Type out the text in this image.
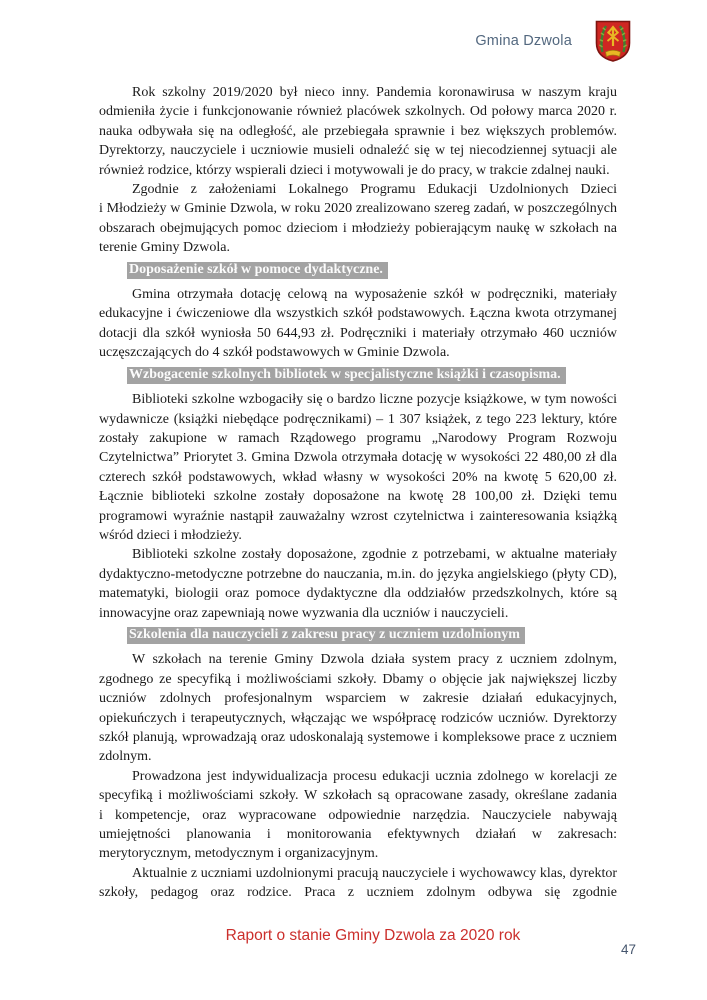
Gmina Dzwola

Rok szkolny 2019/2020 był nieco inny. Pandemia koronawirusa w naszym kraju odmieniła życie i funkcjonowanie również placówek szkolnych. Od połowy marca 2020 r. nauka odbywała się na odległość, ale przebiegała sprawnie i bez większych problemów. Dyrektorzy, nauczyciele i uczniowie musieli odnaleźć się w tej niecodziennej sytuacji ale również rodzice, którzy wspierali dzieci i motywowali je do pracy, w trakcie zdalnej nauki.

Zgodnie z założeniami Lokalnego Programu Edukacji Uzdolnionych Dzieci i Młodzieży w Gminie Dzwola, w roku 2020 zrealizowano szereg zadań, w poszczególnych obszarach obejmujących pomoc dzieciom i młodzieży pobierającym naukę w szkołach na terenie Gminy Dzwola.

Doposażenie szkół w pomoce dydaktyczne.

Gmina otrzymała dotację celową na wyposażenie szkół w podręczniki, materiały edukacyjne i ćwiczeniowe dla wszystkich szkół podstawowych. Łączna kwota otrzymanej dotacji dla szkół wyniosła 50 644,93 zł. Podręczniki i materiały otrzymało 460 uczniów uczęszczających do 4 szkół podstawowych w Gminie Dzwola.

Wzbogacenie szkolnych bibliotek w specjalistyczne książki i czasopisma.

Biblioteki szkolne wzbogaciły się o bardzo liczne pozycje książkowe, w tym nowości wydawnicze (książki niebędące podręcznikami) – 1 307 książek, z tego 223 lektury, które zostały zakupione w ramach Rządowego programu „Narodowy Program Rozwoju Czytelnictwa” Priorytet 3. Gmina Dzwola otrzymała dotację w wysokości 22 480,00 zł dla czterech szkół podstawowych, wkład własny w wysokości 20% na kwotę 5 620,00 zł. Łącznie biblioteki szkolne zostały doposażone na kwotę 28 100,00 zł. Dzięki temu programowi wyraźnie nastąpił zauważalny wzrost czytelnictwa i zainteresowania książką wśród dzieci i młodzieży.

Biblioteki szkolne zostały doposażone, zgodnie z potrzebami, w aktualne materiały dydaktyczno-metodyczne potrzebne do nauczania, m.in. do języka angielskiego (płyty CD), matematyki, biologii oraz pomoce dydaktyczne dla oddziałów przedszkolnych, które są innowacyjne oraz zapewniają nowe wyzwania dla uczniów i nauczycieli.

Szkolenia dla nauczycieli z zakresu pracy z uczniem uzdolnionym

W szkołach na terenie Gminy Dzwola działa system pracy z uczniem zdolnym, zgodnego ze specyfiką i możliwościami szkoły. Dbamy o objęcie jak największej liczby uczniów zdolnych profesjonalnym wsparciem w zakresie działań edukacyjnych, opiekuńczych i terapeutycznych, włączając we współpracę rodziców uczniów. Dyrektorzy szkół planują, wprowadzają oraz udoskonalają systemowe i kompleksowe prace z uczniem zdolnym.

Prowadzona jest indywidualizacja procesu edukacji ucznia zdolnego w korelacji ze specyfiką i możliwościami szkoły. W szkołach są opracowane zasady, określane zadania i kompetencje, oraz wypracowane odpowiednie narzędzia. Nauczyciele nabywają umiejętności planowania i monitorowania efektywnych działań w zakresach: merytorycznym, metodycznym i organizacyjnym.

Aktualnie z uczniami uzdolnionymi pracują nauczyciele i wychowawcy klas, dyrektor szkoły, pedagog oraz rodzice. Praca z uczniem zdolnym odbywa się zgodnie

Raport o stanie Gminy Dzwola za 2020 rok
47
